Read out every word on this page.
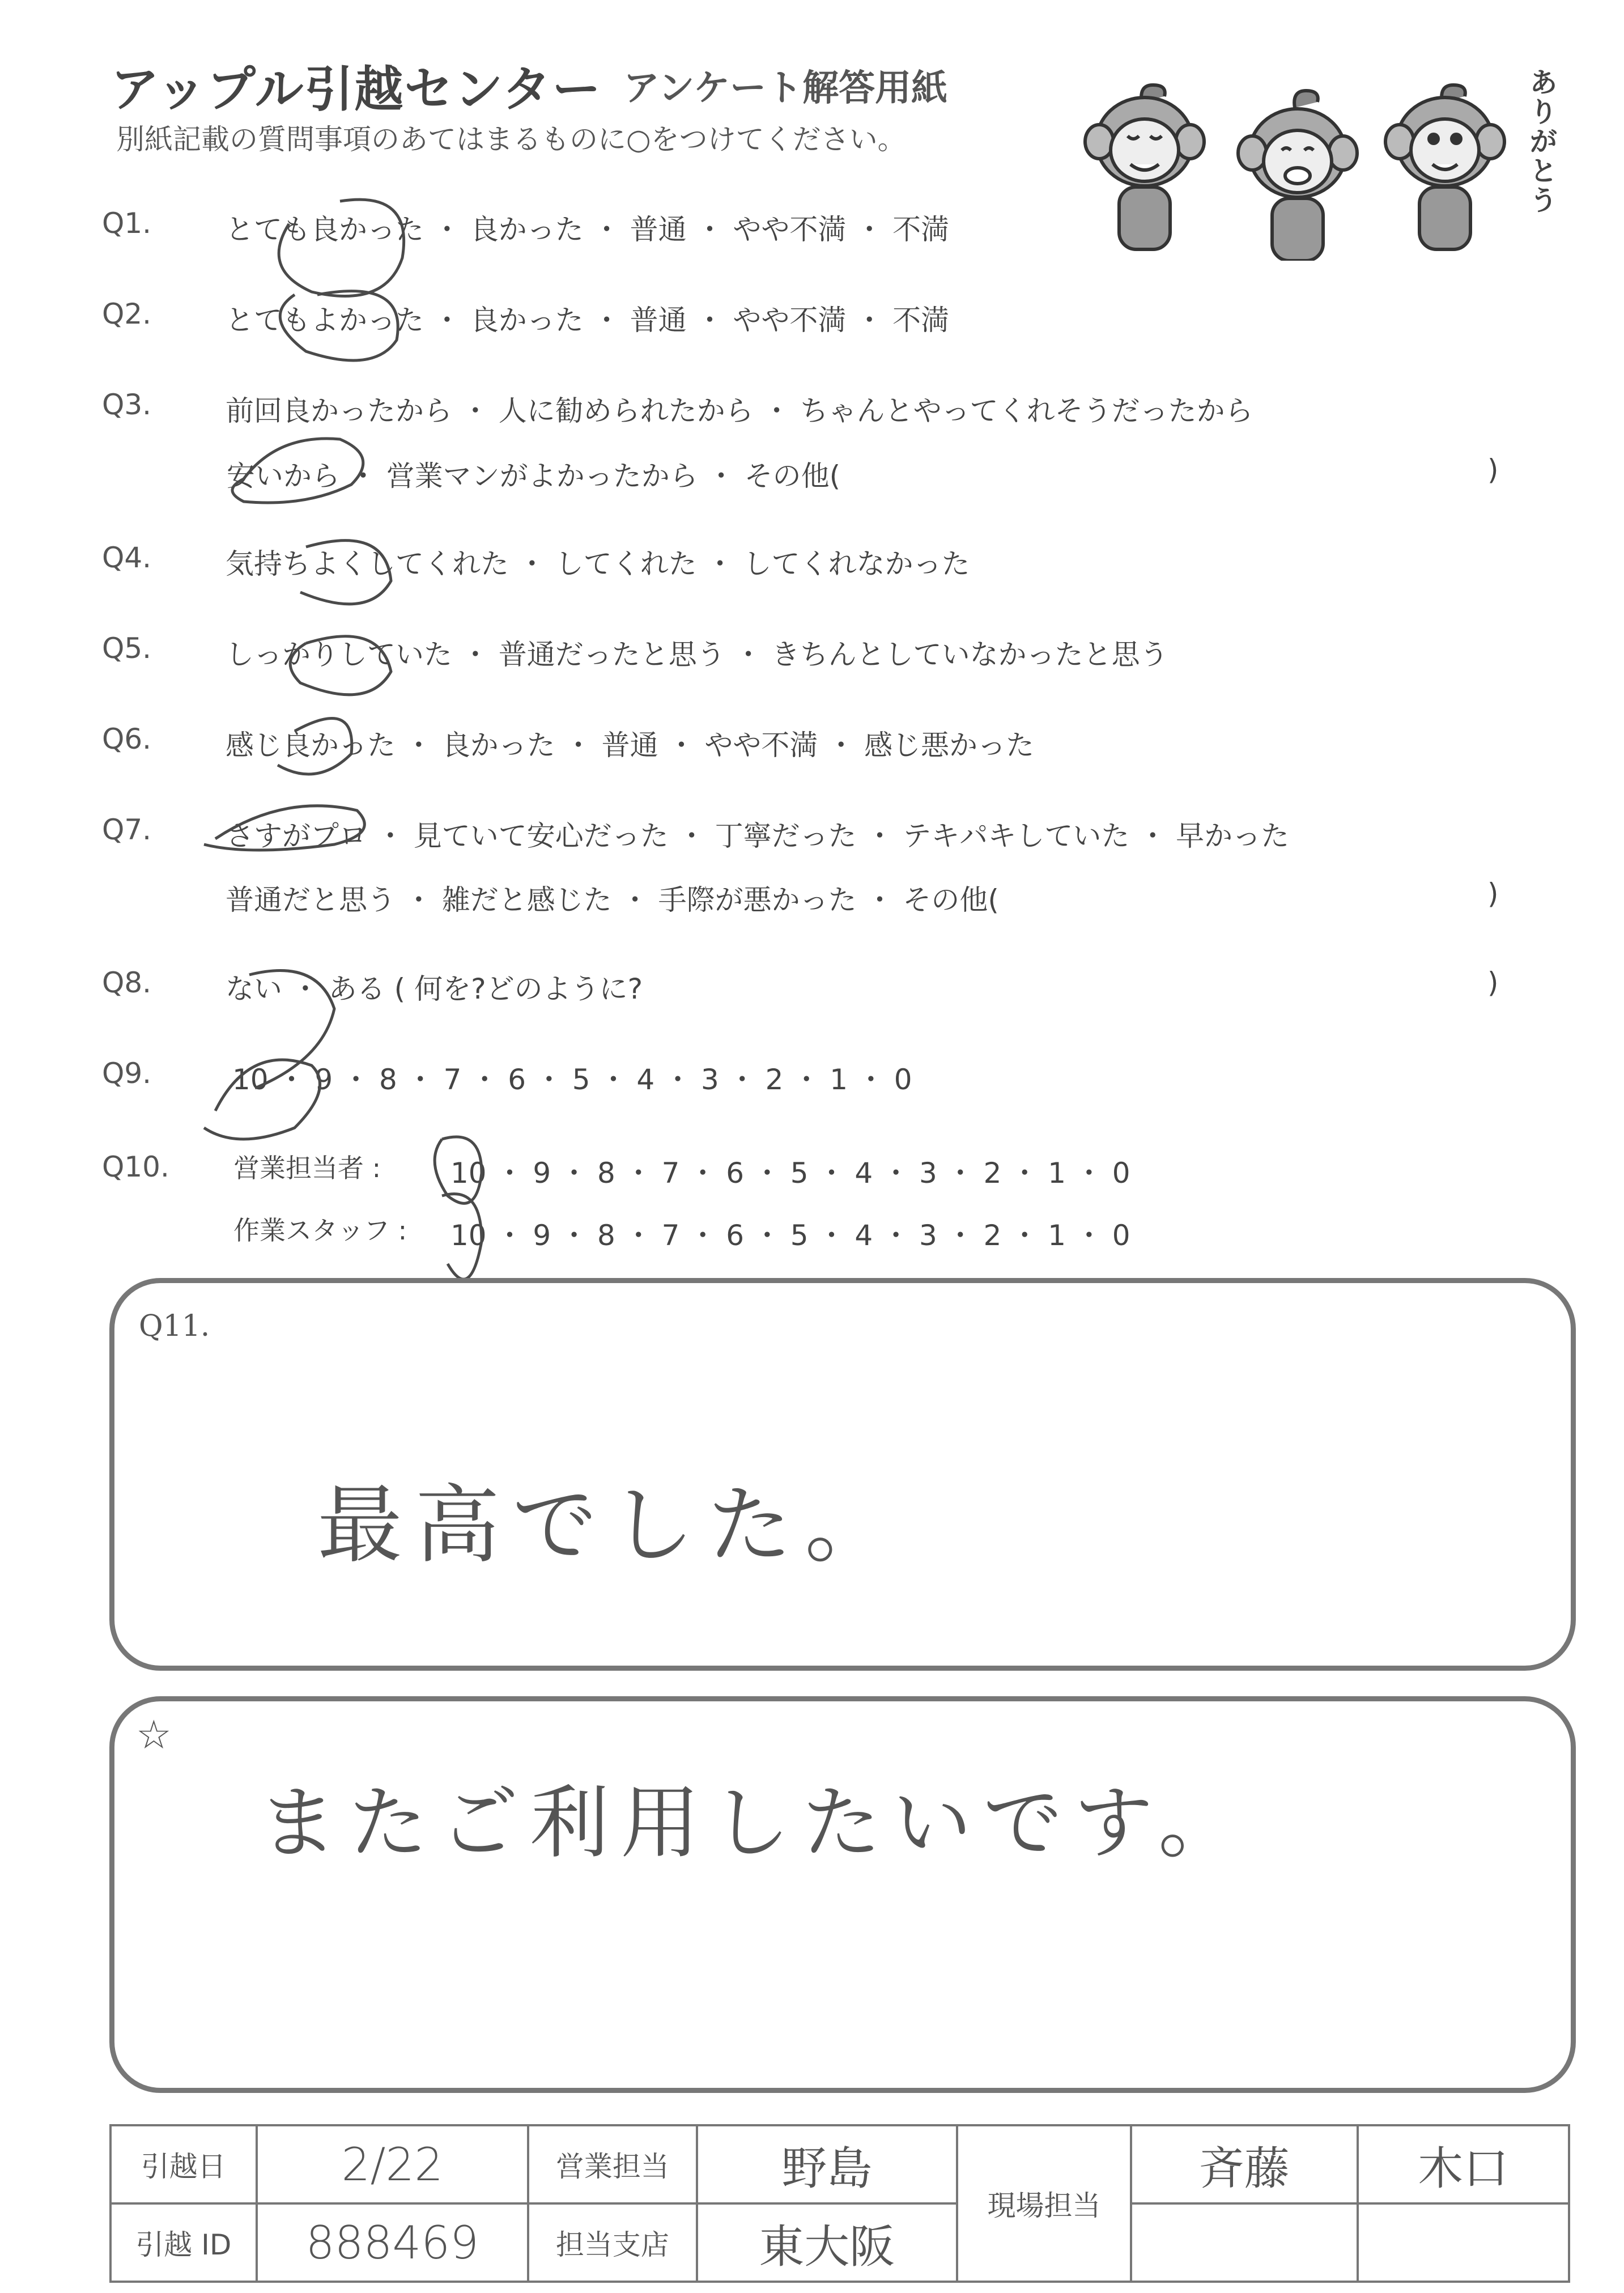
アップル引越センター アンケート解答用紙
別紙記載の質問事項のあてはまるものに○をつけてください。
ありがとう
Q1.	とても良かった ・ 良かった ・ 普通 ・ やや不満 ・ 不満
Q2.	とてもよかった ・ 良かった ・ 普通 ・ やや不満 ・ 不満
Q3.	前回良かったから ・ 人に勧められたから ・ ちゃんとやってくれそうだったから
安いから ・ 営業マンがよかったから ・ その他(	)
Q4.	気持ちよくしてくれた ・ してくれた ・ してくれなかった
Q5.	しっかりしていた ・ 普通だったと思う ・ きちんとしていなかったと思う
Q6.	感じ良かった ・ 良かった ・ 普通 ・ やや不満 ・ 感じ悪かった
Q7.	さすがプロ ・ 見ていて安心だった ・ 丁寧だった ・ テキパキしていた ・ 早かった
普通だと思う ・ 雑だと感じた ・ 手際が悪かった ・ その他(	)
Q8.	ない ・ ある ( 何を?どのように?	)
Q9.	10 ・ 9 ・ 8 ・ 7 ・ 6 ・ 5 ・ 4 ・ 3 ・ 2 ・ 1 ・ 0
Q10. 営業担当者 : 10 ・ 9 ・ 8 ・ 7 ・ 6 ・ 5 ・ 4 ・ 3 ・ 2 ・ 1 ・ 0
作業スタッフ : 10 ・ 9 ・ 8 ・ 7 ・ 6 ・ 5 ・ 4 ・ 3 ・ 2 ・ 1 ・ 0
Q11.
最高でした。
☆
またご利用したいです。
引越日	2/22	営業担当	野島	現場担当	斉藤	木口
引越 ID	888469	担当支店	東大阪			
